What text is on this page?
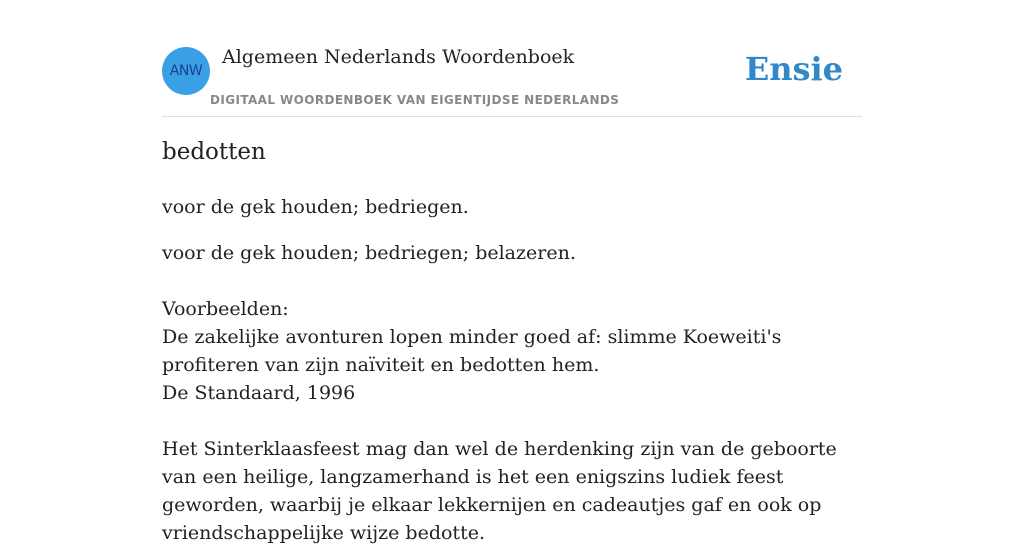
ANW
Algemeen Nederlands Woordenboek
DIGITAAL WOORDENBOEK VAN EIGENTIJDSE NEDERLANDS
Ensie
bedotten
voor de gek houden; bedriegen.

voor de gek houden; bedriegen; belazeren.

Voorbeelden:

De zakelijke avonturen lopen minder goed af: slimme Koeweiti's profiteren van zijn naïviteit en bedotten hem.

De Standaard, 1996

Het Sinterklaasfeest mag dan wel de herdenking zijn van de geboorte van een heilige, langzamerhand is het een enigszins ludiek feest geworden, waarbij je elkaar lekkernijen en cadeautjes gaf en ook op vriendschappelijke wijze bedotte.
